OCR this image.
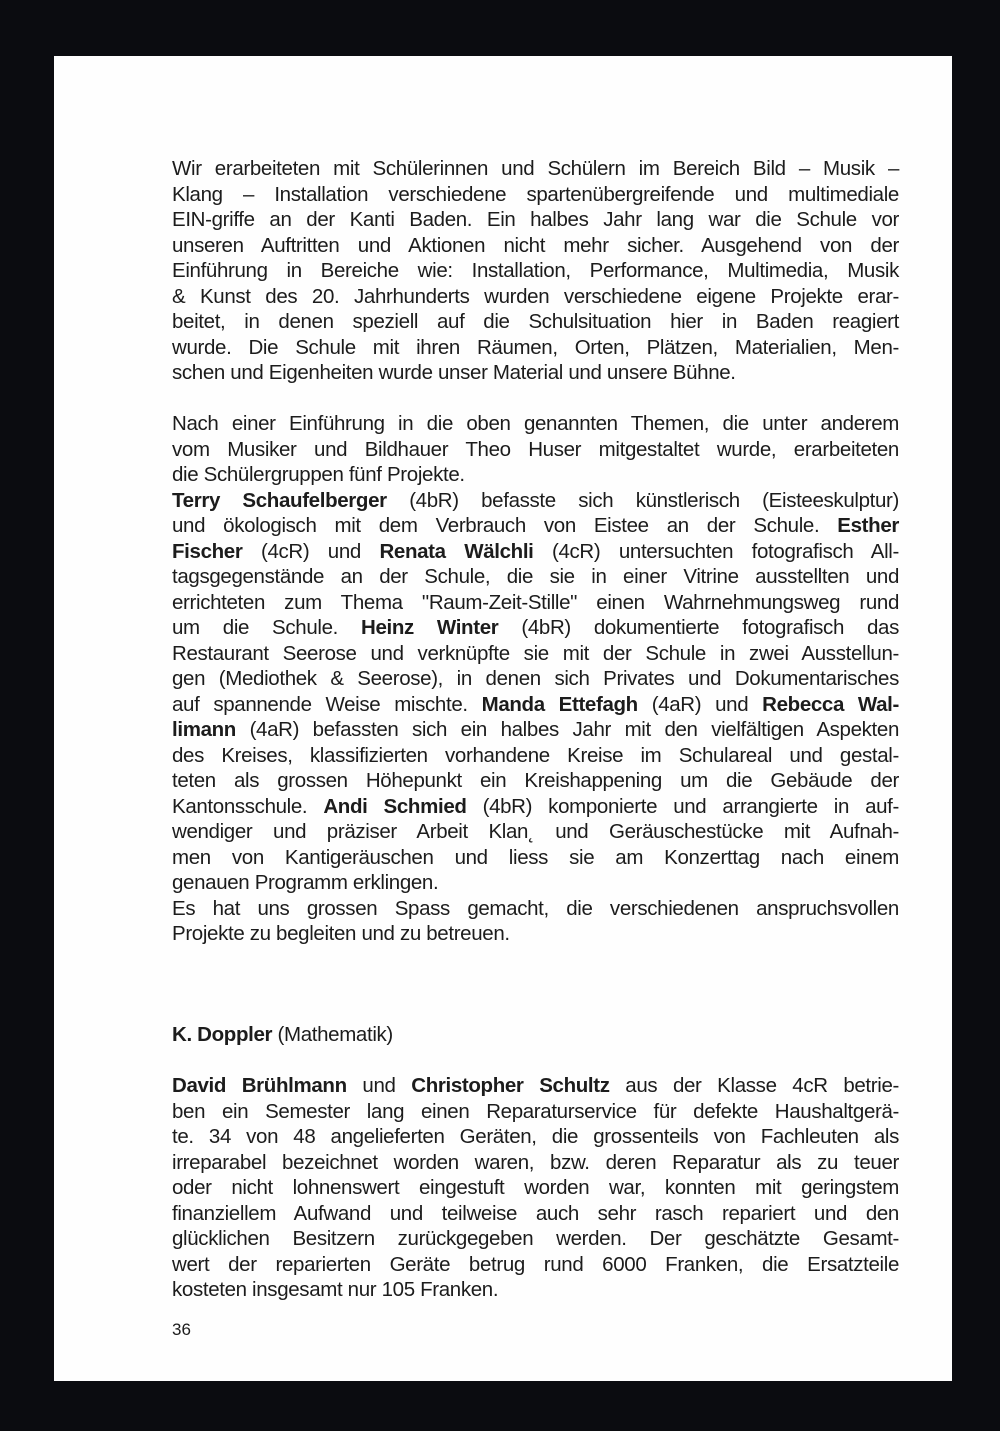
Wir erarbeiteten mit Schülerinnen und Schülern im Bereich Bild – Musik –
Klang – Installation verschiedene spartenübergreifende und multimediale
EIN-griffe an der Kanti Baden. Ein halbes Jahr lang war die Schule vor
unseren Auftritten und Aktionen nicht mehr sicher. Ausgehend von der
Einführung in Bereiche wie: Installation, Performance, Multimedia, Musik
& Kunst des 20. Jahrhunderts wurden verschiedene eigene Projekte erar-
beitet, in denen speziell auf die Schulsituation hier in Baden reagiert
wurde. Die Schule mit ihren Räumen, Orten, Plätzen, Materialien, Men-
schen und Eigenheiten wurde unser Material und unsere Bühne.
Nach einer Einführung in die oben genannten Themen, die unter anderem
vom Musiker und Bildhauer Theo Huser mitgestaltet wurde, erarbeiteten
die Schülergruppen fünf Projekte.
Terry Schaufelberger (4bR) befasste sich künstlerisch (Eisteeskulptur)
und ökologisch mit dem Verbrauch von Eistee an der Schule. Esther
Fischer (4cR) und Renata Wälchli (4cR) untersuchten fotografisch All-
tagsgegenstände an der Schule, die sie in einer Vitrine ausstellten und
errichteten zum Thema "Raum-Zeit-Stille" einen Wahrnehmungsweg rund
um die Schule. Heinz Winter (4bR) dokumentierte fotografisch das
Restaurant Seerose und verknüpfte sie mit der Schule in zwei Ausstellun-
gen (Mediothek & Seerose), in denen sich Privates und Dokumentarisches
auf spannende Weise mischte. Manda Ettefagh (4aR) und Rebecca Wal-
limann (4aR) befassten sich ein halbes Jahr mit den vielfältigen Aspekten
des Kreises, klassifizierten vorhandene Kreise im Schulareal und gestal-
teten als grossen Höhepunkt ein Kreishappening um die Gebäude der
Kantonsschule. Andi Schmied (4bR) komponierte und arrangierte in auf-
wendiger und präziser Arbeit Klan˛ und Geräuschestücke mit Aufnah-
men von Kantigeräuschen und liess sie am Konzerttag nach einem
genauen Programm erklingen.
Es hat uns grossen Spass gemacht, die verschiedenen anspruchsvollen
Projekte zu begleiten und zu betreuen.
K. Doppler (Mathematik)
David Brühlmann und Christopher Schultz aus der Klasse 4cR betrie-
ben ein Semester lang einen Reparaturservice für defekte Haushaltgerä-
te. 34 von 48 angelieferten Geräten, die grossenteils von Fachleuten als
irreparabel bezeichnet worden waren, bzw. deren Reparatur als zu teuer
oder nicht lohnenswert eingestuft worden war, konnten mit geringstem
finanziellem Aufwand und teilweise auch sehr rasch repariert und den
glücklichen Besitzern zurückgegeben werden. Der geschätzte Gesamt-
wert der reparierten Geräte betrug rund 6000 Franken, die Ersatzteile
kosteten insgesamt nur 105 Franken.
36
